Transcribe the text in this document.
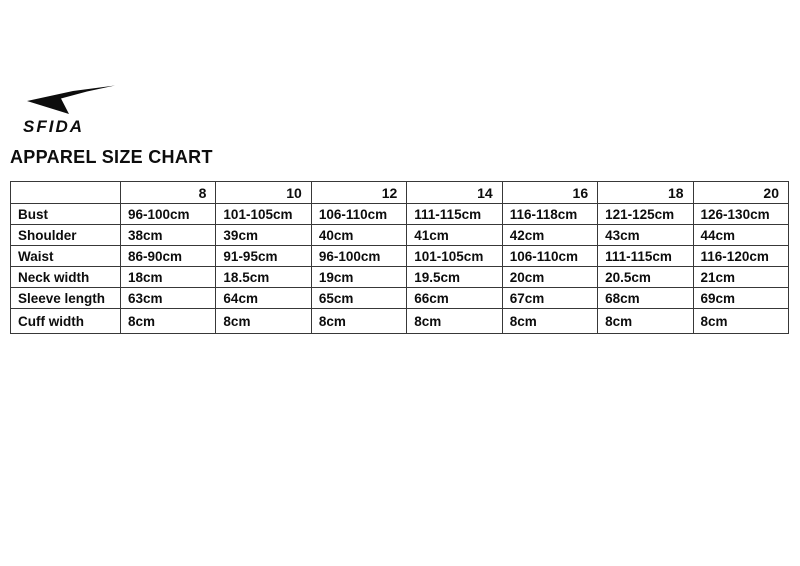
SFIDA
APPAREL SIZE CHART
	8	10	12	14	16	18	20
Bust	96-100cm	101-105cm	106-110cm	111-115cm	116-118cm	121-125cm	126-130cm
Shoulder	38cm	39cm	40cm	41cm	42cm	43cm	44cm
Waist	86-90cm	91-95cm	96-100cm	101-105cm	106-110cm	111-115cm	116-120cm
Neck width	18cm	18.5cm	19cm	19.5cm	20cm	20.5cm	21cm
Sleeve length	63cm	64cm	65cm	66cm	67cm	68cm	69cm
Cuff width	8cm	8cm	8cm	8cm	8cm	8cm	8cm
